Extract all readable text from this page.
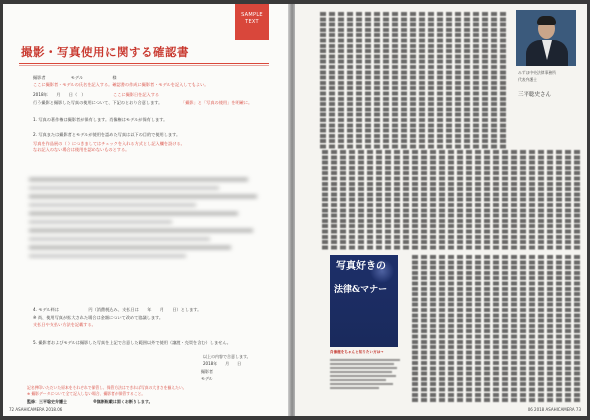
SAMPLE TEXT
撮影・写真使用に関する確認書
撮影者　　　　　　モデル　　　　　　　様
ここに撮影者・モデルの氏名を記入する。確認書の作成に撮影者・モデルを記入してもよい。
2018年　　月　　日（　）	ここに撮影日を記入する
行う撮影と撮影した写真の使用について、下記のとおり合意します。	「撮影」と「写真の使用」を明確に。
1. 写真の著作権は撮影者が保有します。肖像権はモデルが保有します。
2. 写真または撮影者とモデルが使用を認めた写真は以下の目的で使用します。
写真を作品展の（ ）につきましてはチェックを入れる方式とし記入欄を設ける。
なお記入のない場合は使用を認めないものとする。
4. モデル料は　　　　　　　円（消費税込み、支払日は　　年　　月　　日）とします。
※ 尚、使用写真が拡大された場合は金額について改めて協議します。
支払日や支払い方法を記載する。
5. 撮影者およびモデルは撮影した写真を上記で合意した範囲以外で使用（譲渡・売買を含む）しません。
以上の内容で合意します。
2018年　　月　　日
撮影者
モデル
記名押印いただいた原本をそれぞれで保管し、保管方法はできれば写真の大きさを揃えたい。
※ 撮影データについて全て記入しない場合、撮影者が保管すること。
監修：三平聡史弁護士	※無断転載は固くお断りします。
72 ASAHICAMERA 2018.06	06 2018 ASAHICAMERA 73
みずほ中央法律事務所
代表弁護士
三平聡史さん
写真好きの
法律&マナー
肖像権をちゃんと知りたい方は→
